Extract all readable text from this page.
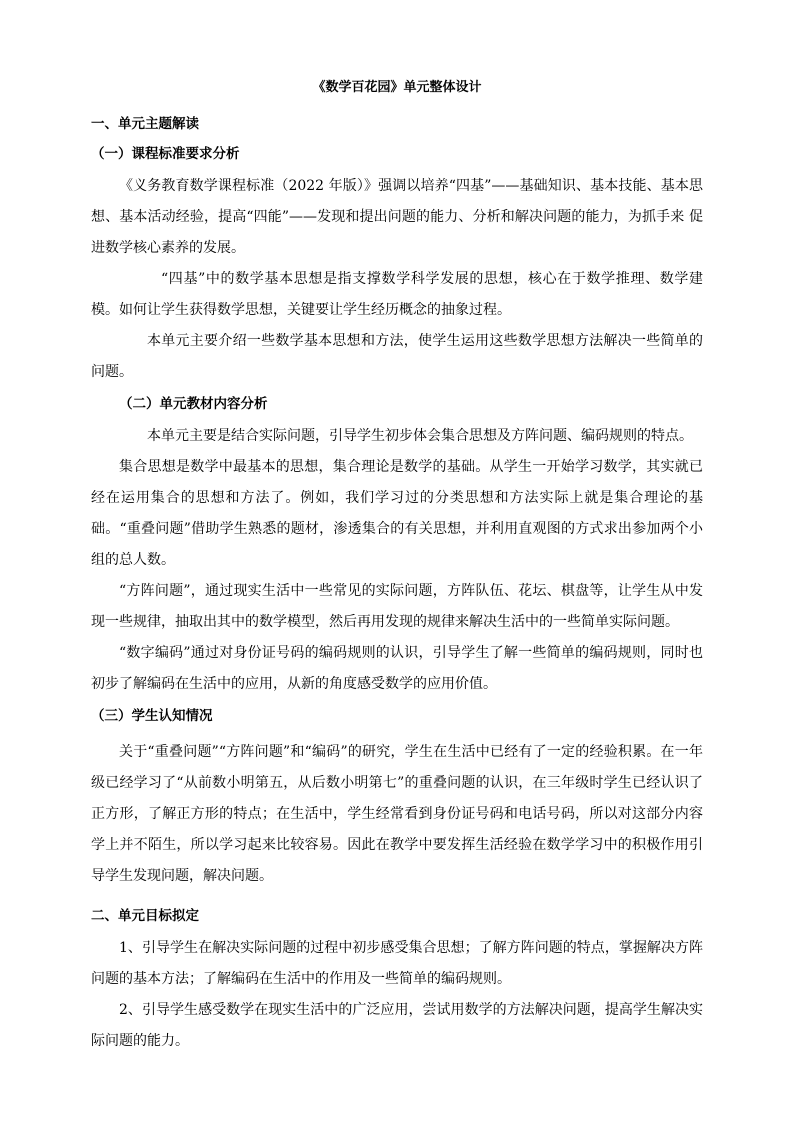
《数学百花园》单元整体设计
一、单元主题解读
（一）课程标准要求分析

《义务教育数学课程标准（2022 年版）》强调以培养“四基”——基础知识、基本技能、基本思想、基本活动经验，提高“四能”——发现和提出问题的能力、分析和解决问题的能力，为抓手来 促进数学核心素养的发展。

“四基”中的数学基本思想是指支撑数学科学发展的思想，核心在于数学推理、数学建模。如何让学生获得数学思想，关键要让学生经历概念的抽象过程。

本单元主要介绍一些数学基本思想和方法，使学生运用这些数学思想方法解决一些简单的问题。

（二）单元教材内容分析

本单元主要是结合实际问题，引导学生初步体会集合思想及方阵问题、编码规则的特点。

集合思想是数学中最基本的思想，集合理论是数学的基础。从学生一开始学习数学，其实就已经在运用集合的思想和方法了。例如，我们学习过的分类思想和方法实际上就是集合理论的基础。“重叠问题”借助学生熟悉的题材，渗透集合的有关思想，并利用直观图的方式求出参加两个小组的总人数。

“方阵问题”，通过现实生活中一些常见的实际问题，方阵队伍、花坛、棋盘等，让学生从中发现一些规律，抽取出其中的数学模型，然后再用发现的规律来解决生活中的一些简单实际问题。

“数字编码”通过对身份证号码的编码规则的认识，引导学生了解一些简单的编码规则，同时也初步了解编码在生活中的应用，从新的角度感受数学的应用价值。

（三）学生认知情况

关于“重叠问题”“方阵问题”和“编码”的研究，学生在生活中已经有了一定的经验积累。在一年级已经学习了“从前数小明第五，从后数小明第七”的重叠问题的认识，在三年级时学生已经认识了正方形，了解正方形的特点；在生活中，学生经常看到身份证号码和电话号码，所以对这部分内容学上并不陌生，所以学习起来比较容易。因此在教学中要发挥生活经验在数学学习中的积极作用引导学生发现问题，解决问题。

二、单元目标拟定

1、引导学生在解决实际问题的过程中初步感受集合思想；了解方阵问题的特点，掌握解决方阵问题的基本方法；了解编码在生活中的作用及一些简单的编码规则。

2、引导学生感受数学在现实生活中的广泛应用，尝试用数学的方法解决问题，提高学生解决实际问题的能力。
